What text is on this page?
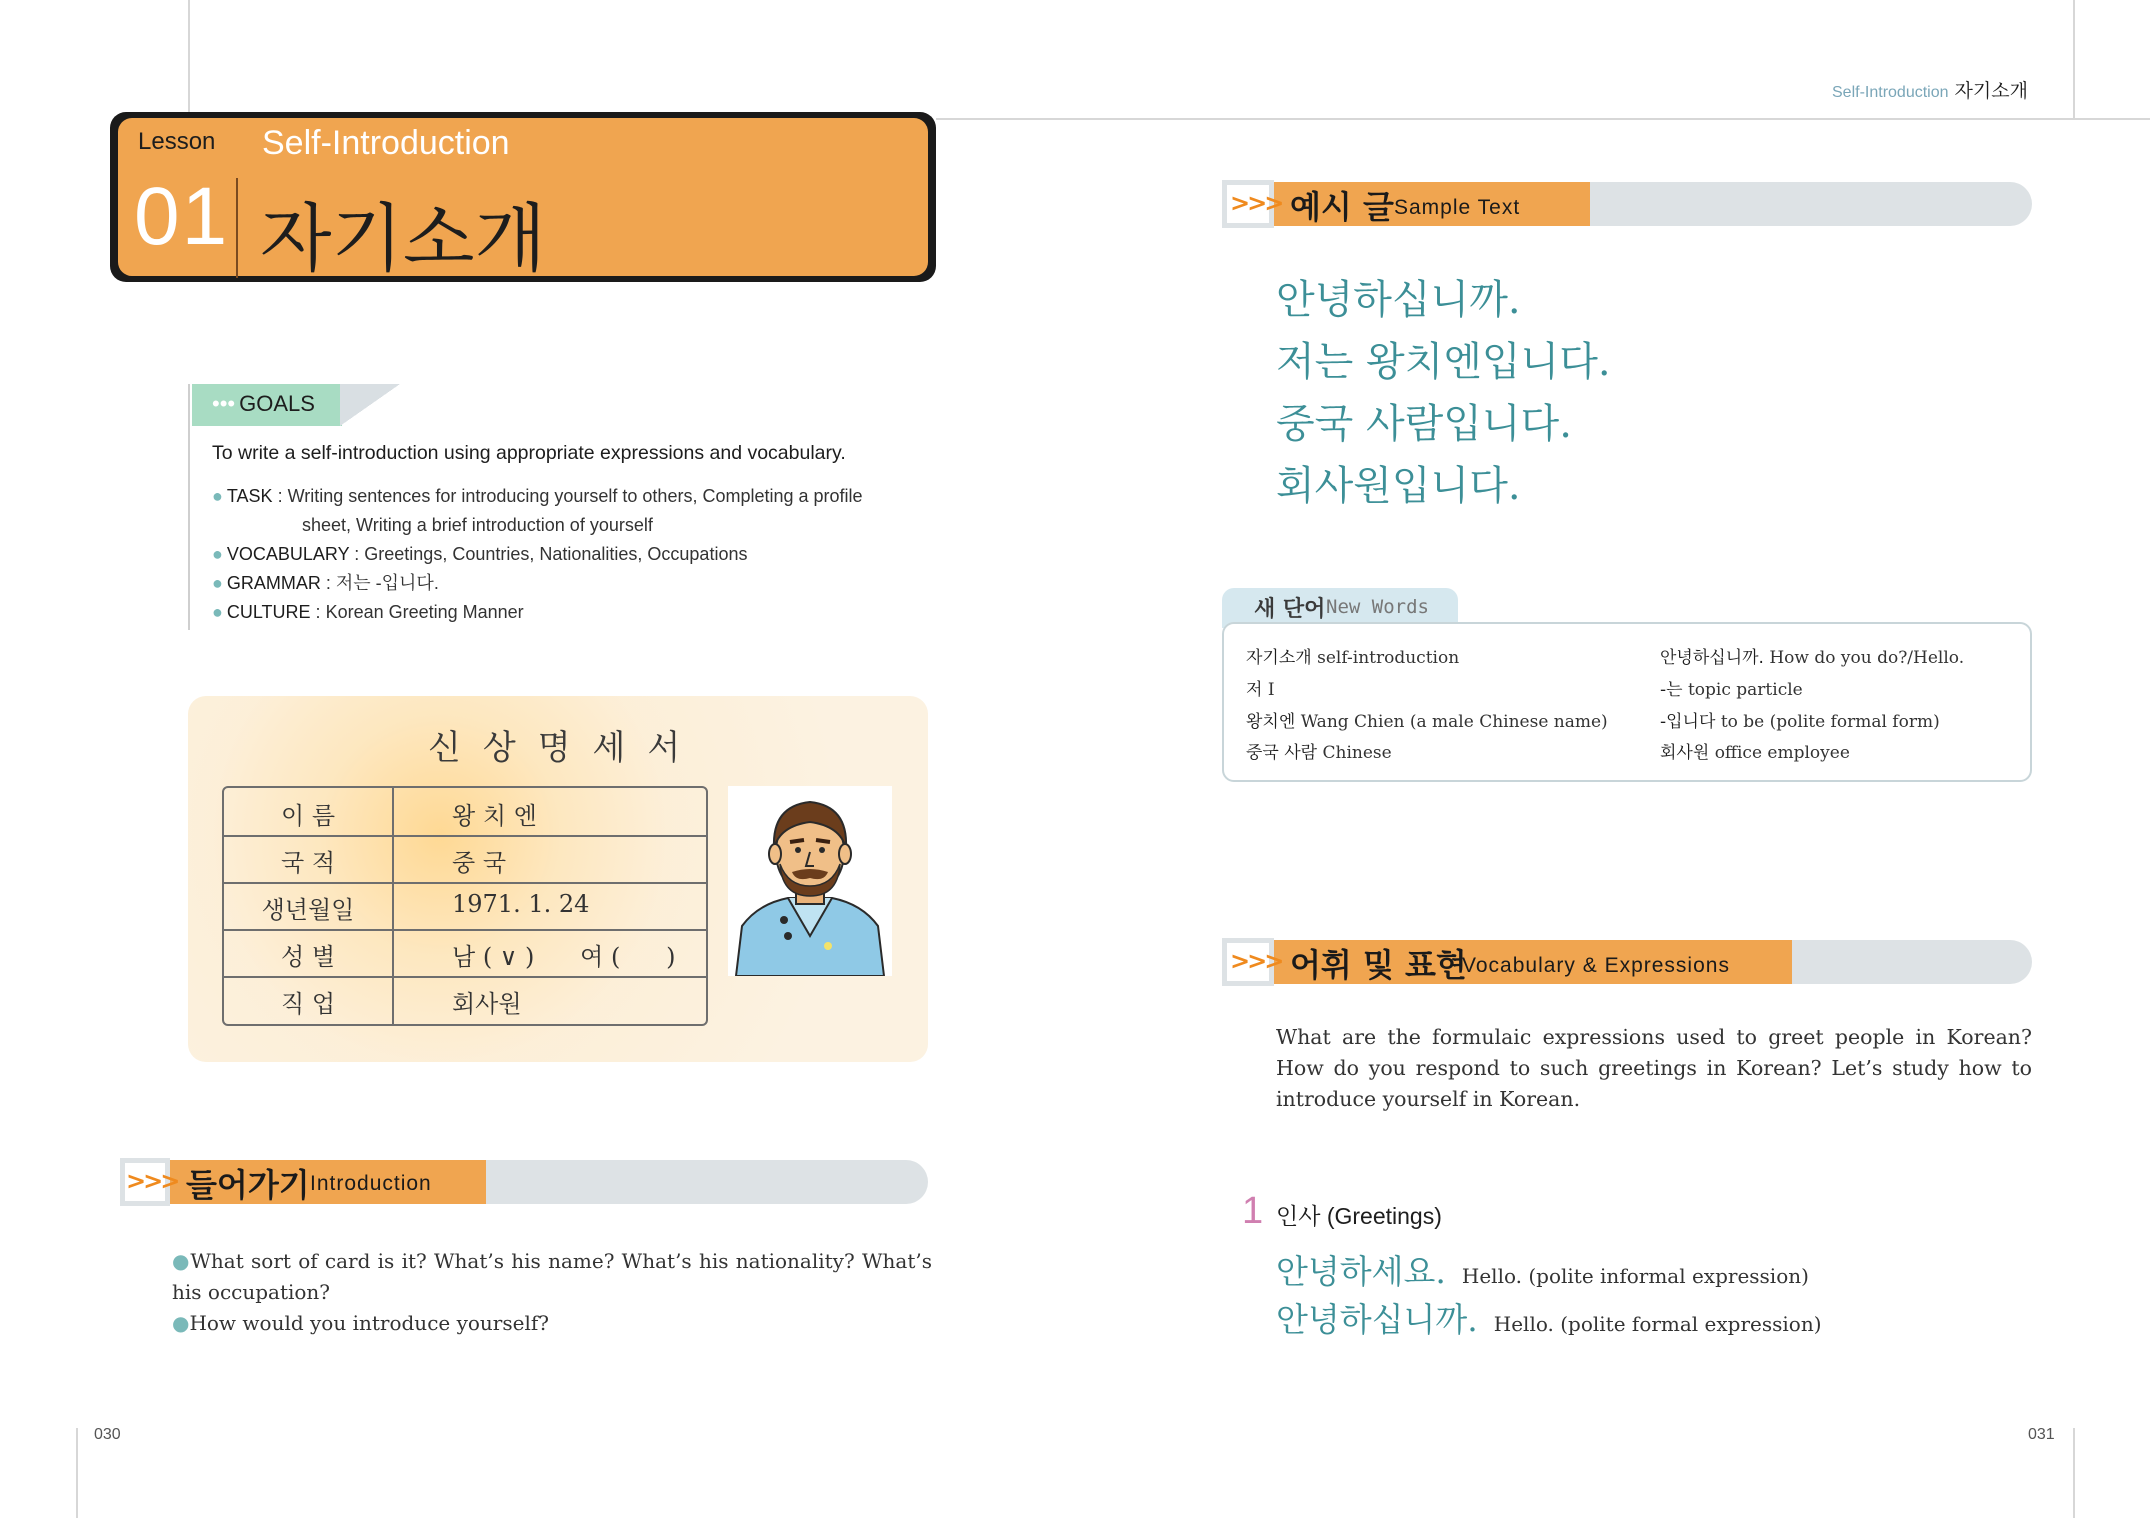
Self-Introduction 자기소개
Lesson
01
Self-Introduction
자기소개
••• GOALS
To write a self-introduction using appropriate expressions and vocabulary.
● TASK : Writing sentences for introducing yourself to others, Completing a profile
sheet, Writing a brief introduction of yourself
● VOCABULARY : Greetings, Countries, Nationalities, Occupations
● GRAMMAR : 저는 -입니다.
● CULTURE : Korean Greeting Manner
신상명세서
이 름	왕 치 엔
국 적	중 국
생년월일	1971. 1. 24
성 별	남 ( ∨ )      여 (      )
직 업	회사원
>>> 들어가기 Introduction
●What sort of card is it? What’s his name? What’s his nationality? What’s his occupation?
●How would you introduce yourself?
>>> 예시 글 Sample Text
안녕하십니까.
저는 왕치엔입니다.
중국 사람입니다.
회사원입니다.
새 단어 New Words
자기소개 self-introduction
저 I
왕치엔 Wang Chien (a male Chinese name)
중국 사람 Chinese
안녕하십니까. How do you do?/Hello.
-는 topic particle
-입니다 to be (polite formal form)
회사원 office employee
>>> 어휘 및 표현
Vocabulary & Expressions
What are the formulaic expressions used to greet people in Korean? How do you respond to such greetings in Korean? Let’s study how to introduce yourself in Korean.
1 인사 (Greetings)
안녕하세요. Hello. (polite informal expression)
안녕하십니까. Hello. (polite formal expression)
030	031
